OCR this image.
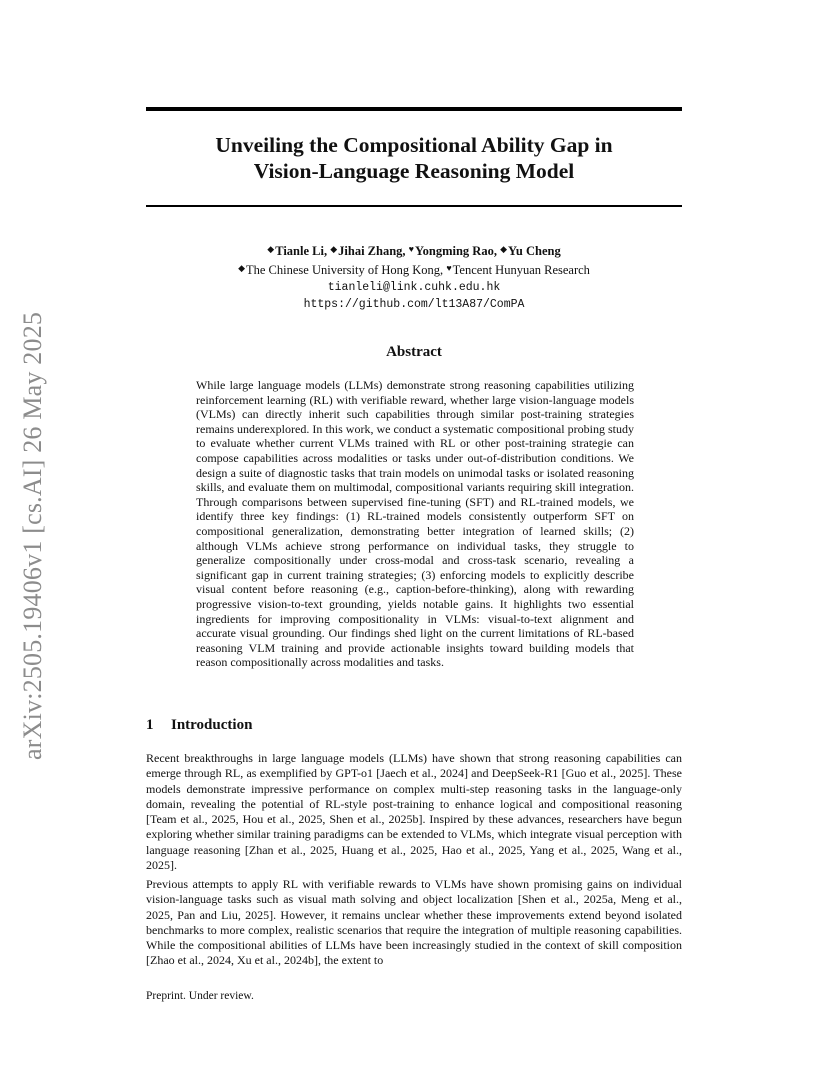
arXiv:2505.19406v1 [cs.AI] 26 May 2025
Unveiling the Compositional Ability Gap in
Vision-Language Reasoning Model
◆Tianle Li, ◆Jihai Zhang, ♥Yongming Rao, ◆Yu Cheng
◆The Chinese University of Hong Kong, ♥Tencent Hunyuan Research
tianleli@link.cuhk.edu.hk
https://github.com/lt13A87/ComPA
Abstract

While large language models (LLMs) demonstrate strong reasoning capabilities utilizing reinforcement learning (RL) with verifiable reward, whether large vision-language models (VLMs) can directly inherit such capabilities through similar post-training strategies remains underexplored. In this work, we conduct a systematic compositional probing study to evaluate whether current VLMs trained with RL or other post-training strategie can compose capabilities across modalities or tasks under out-of-distribution conditions. We design a suite of diagnostic tasks that train models on unimodal tasks or isolated reasoning skills, and evaluate them on multimodal, compositional variants requiring skill integration. Through comparisons between supervised fine-tuning (SFT) and RL-trained models, we identify three key findings: (1) RL-trained models consistently outperform SFT on compositional generalization, demonstrating better integration of learned skills; (2) although VLMs achieve strong performance on individual tasks, they struggle to generalize compositionally under cross-modal and cross-task scenario, revealing a significant gap in current training strategies; (3) enforcing models to explicitly describe visual content before reasoning (e.g., caption-before-thinking), along with rewarding progressive vision-to-text grounding, yields notable gains. It highlights two essential ingredients for improving compositionality in VLMs: visual-to-text alignment and accurate visual grounding. Our findings shed light on the current limitations of RL-based reasoning VLM training and provide actionable insights toward building models that reason compositionally across modalities and tasks.

1 Introduction

Recent breakthroughs in large language models (LLMs) have shown that strong reasoning capabilities can emerge through RL, as exemplified by GPT-o1 [Jaech et al., 2024] and DeepSeek-R1 [Guo et al., 2025]. These models demonstrate impressive performance on complex multi-step reasoning tasks in the language-only domain, revealing the potential of RL-style post-training to enhance logical and compositional reasoning [Team et al., 2025, Hou et al., 2025, Shen et al., 2025b]. Inspired by these advances, researchers have begun exploring whether similar training paradigms can be extended to VLMs, which integrate visual perception with language reasoning [Zhan et al., 2025, Huang et al., 2025, Hao et al., 2025, Yang et al., 2025, Wang et al., 2025].

Previous attempts to apply RL with verifiable rewards to VLMs have shown promising gains on individual vision-language tasks such as visual math solving and object localization [Shen et al., 2025a, Meng et al., 2025, Pan and Liu, 2025]. However, it remains unclear whether these improvements extend beyond isolated benchmarks to more complex, realistic scenarios that require the integration of multiple reasoning capabilities. While the compositional abilities of LLMs have been increasingly studied in the context of skill composition [Zhao et al., 2024, Xu et al., 2024b], the extent to

Preprint. Under review.
